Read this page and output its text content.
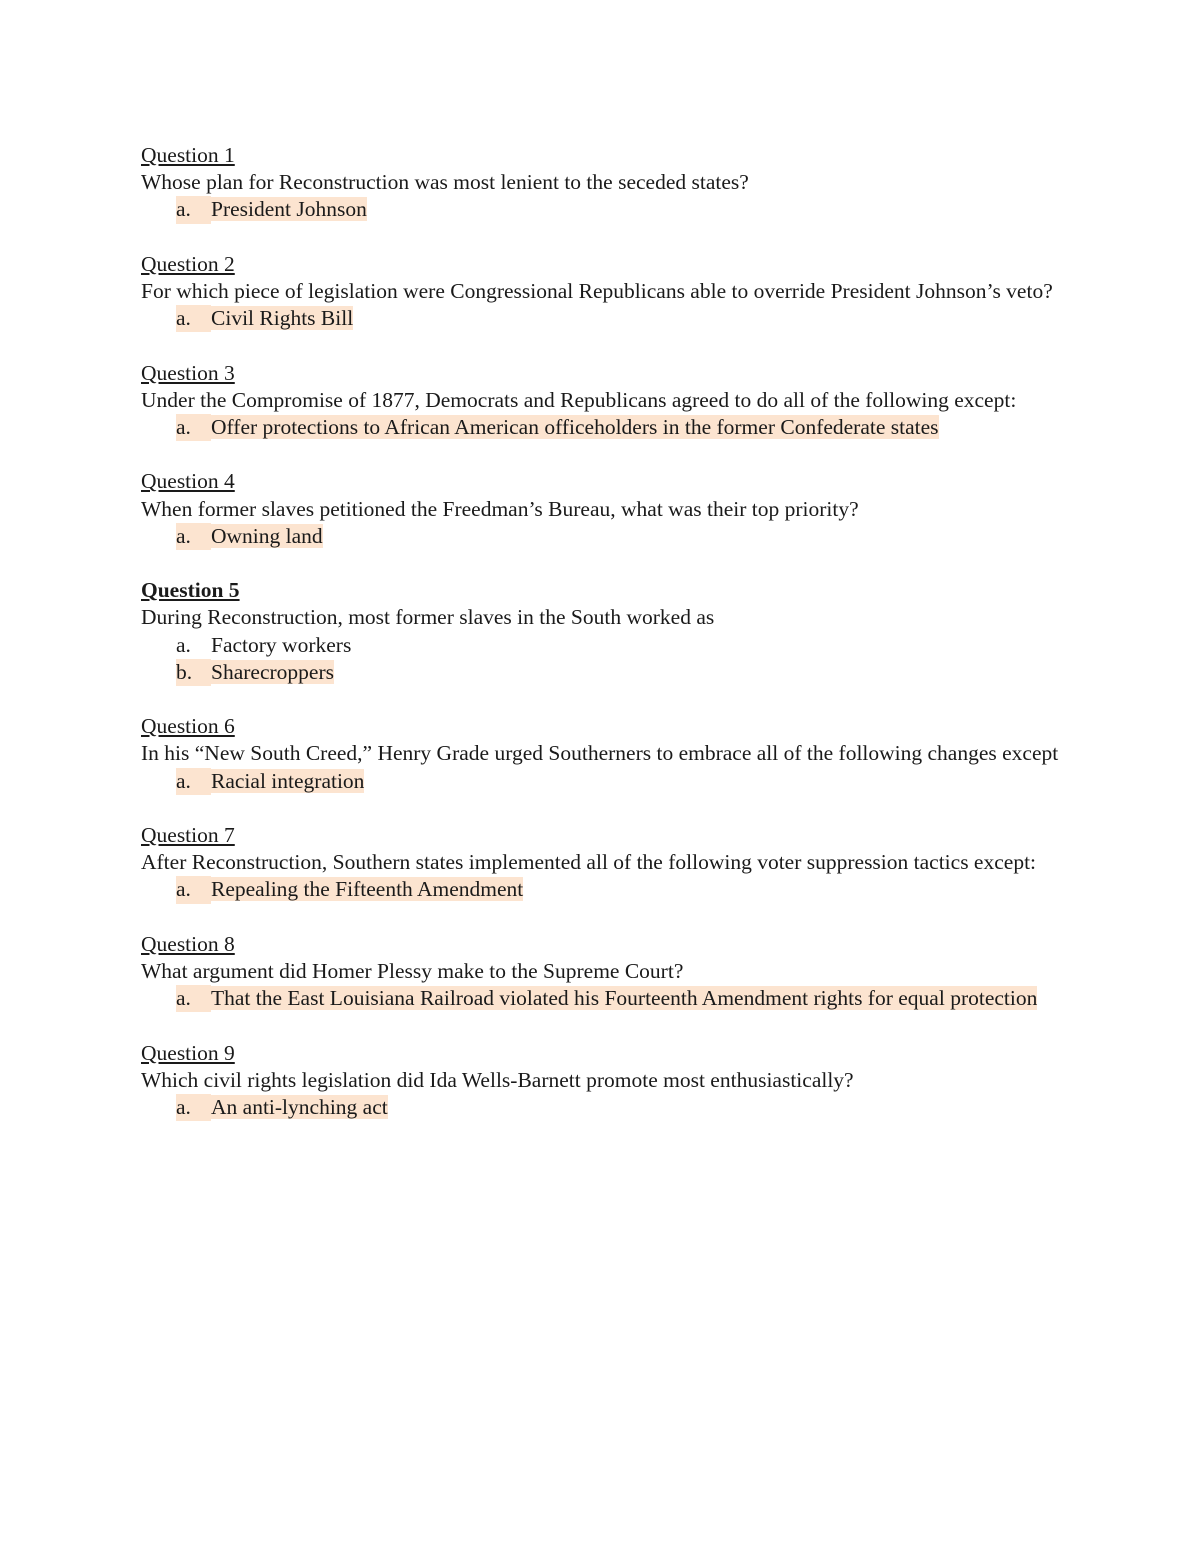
Question 1
Whose plan for Reconstruction was most lenient to the seceded states?
a. President Johnson
Question 2
For which piece of legislation were Congressional Republicans able to override President Johnson’s veto?
a. Civil Rights Bill
Question 3
Under the Compromise of 1877, Democrats and Republicans agreed to do all of the following except:
a. Offer protections to African American officeholders in the former Confederate states
Question 4
When former slaves petitioned the Freedman’s Bureau, what was their top priority?
a. Owning land
Question 5
During Reconstruction, most former slaves in the South worked as
a. Factory workers
b. Sharecroppers
Question 6
In his “New South Creed,” Henry Grade urged Southerners to embrace all of the following changes except
a. Racial integration
Question 7
After Reconstruction, Southern states implemented all of the following voter suppression tactics except:
a. Repealing the Fifteenth Amendment
Question 8
What argument did Homer Plessy make to the Supreme Court?
a. That the East Louisiana Railroad violated his Fourteenth Amendment rights for equal protection
Question 9
Which civil rights legislation did Ida Wells-Barnett promote most enthusiastically?
a. An anti-lynching act
